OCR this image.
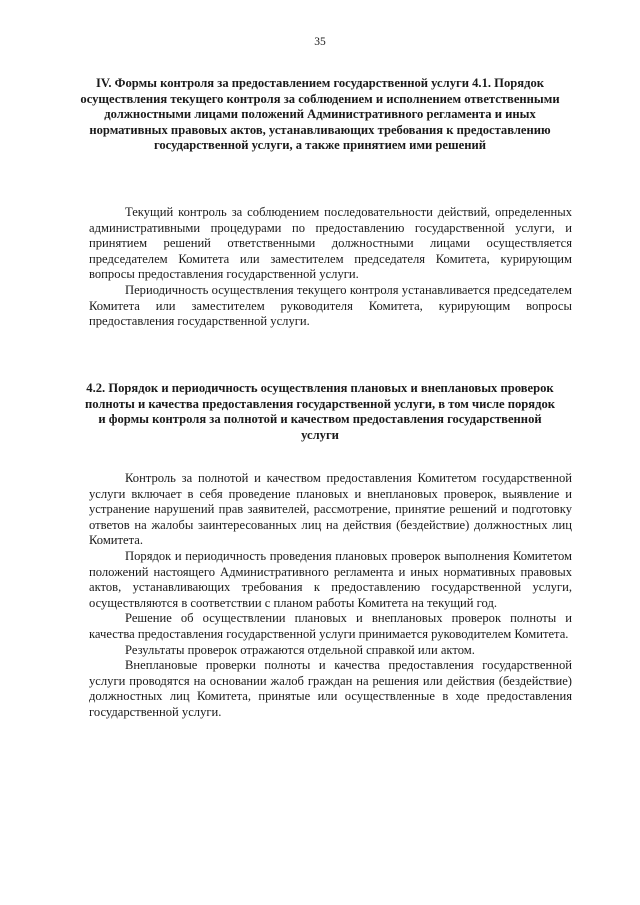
35
IV. Формы контроля за предоставлением государственной услуги 4.1. Порядок осуществления текущего контроля за соблюдением и исполнением ответственными должностными лицами положений Административного регламента и иных нормативных правовых актов, устанавливающих требования к предоставлению государственной услуги, а также принятием ими решений

Текущий контроль за соблюдением последовательности действий, определенных административными процедурами по предоставлению государственной услуги, и принятием решений ответственными должностными лицами осуществляется председателем Комитета или заместителем председателя Комитета, курирующим вопросы предоставления государственной услуги.

Периодичность осуществления текущего контроля устанавливается председателем Комитета или заместителем руководителя Комитета, курирующим вопросы предоставления государственной услуги.

4.2. Порядок и периодичность осуществления плановых и внеплановых проверок полноты и качества предоставления государственной услуги, в том числе порядок и формы контроля за полнотой и качеством предоставления государственной услуги

Контроль за полнотой и качеством предоставления Комитетом государственной услуги включает в себя проведение плановых и внеплановых проверок, выявление и устранение нарушений прав заявителей, рассмотрение, принятие решений и подготовку ответов на жалобы заинтересованных лиц на действия (бездействие) должностных лиц Комитета.

Порядок и периодичность проведения плановых проверок выполнения Комитетом положений настоящего Административного регламента и иных нормативных правовых актов, устанавливающих требования к предоставлению государственной услуги, осуществляются в соответствии с планом работы Комитета на текущий год.

Решение об осуществлении плановых и внеплановых проверок полноты и качества предоставления государственной услуги принимается руководителем Комитета.

Результаты проверок отражаются отдельной справкой или актом.

Внеплановые проверки полноты и качества предоставления государственной услуги проводятся на основании жалоб граждан на решения или действия (бездействие) должностных лиц Комитета, принятые или осуществленные в ходе предоставления государственной услуги.
